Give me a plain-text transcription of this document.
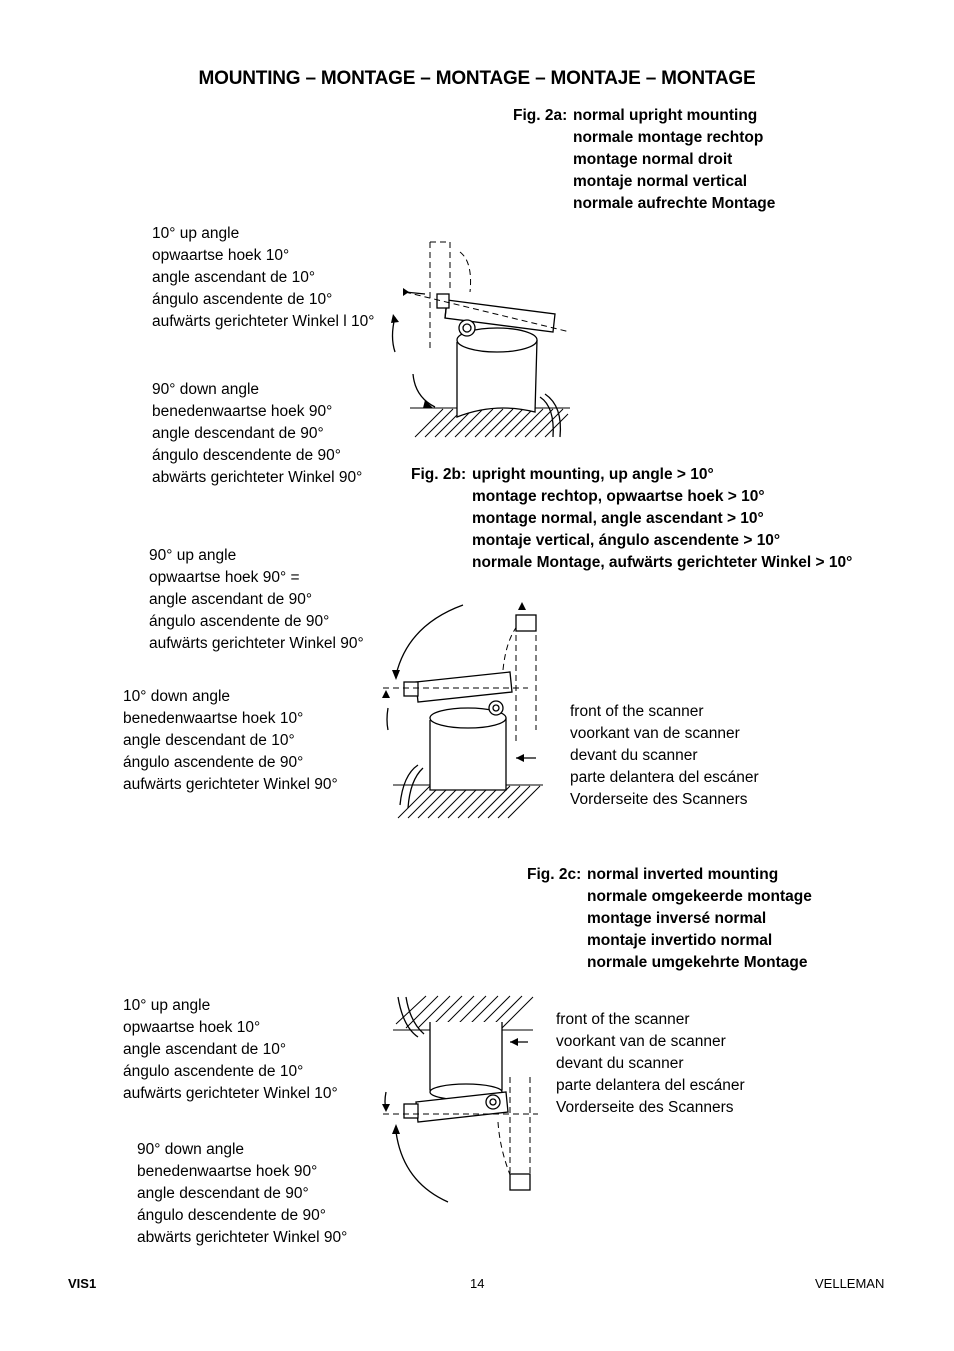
MOUNTING – MONTAGE – MONTAGE – MONTAJE – MONTAGE
Fig. 2a: normal upright mounting
normale montage rechtop
montage normal droit
montaje normal vertical
normale aufrechte Montage
10° up angle
opwaartse hoek 10°
angle ascendant de 10°
ángulo ascendente de 10°
aufwärts gerichteter Winkel l 10°
90° down angle
benedenwaartse hoek 90°
angle descendant de 90°
ángulo descendente de 90°
abwärts gerichteter Winkel 90°	Fig. 2b: upright mounting, up angle > 10°
montage rechtop, opwaartse hoek > 10°
montage normal, angle ascendant > 10°
montaje vertical, ángulo ascendente > 10°
normale Montage, aufwärts gerichteter Winkel > 10°
90° up angle
opwaartse hoek 90° =
angle ascendant de 90°
ángulo ascendente de 90°
aufwärts gerichteter Winkel 90°
10° down angle
benedenwaartse hoek 10°
angle descendant de 10°
ángulo ascendente de 90°
aufwärts gerichteter Winkel 90°
front of the scanner
voorkant van de scanner
devant du scanner
parte delantera del escáner
Vorderseite des Scanners
Fig. 2c: normal inverted mounting
normale omgekeerde montage
montage inversé normal
montaje invertido normal
normale umgekehrte Montage
10° up angle
opwaartse hoek 10°
angle ascendant de 10°
ángulo ascendente de 10°
aufwärts gerichteter Winkel 10°
90° down angle
benedenwaartse hoek 90°
angle descendant de 90°
ángulo descendente de 90°
abwärts gerichteter Winkel 90°
front of the scanner
voorkant van de scanner
devant du scanner
parte delantera del escáner
Vorderseite des Scanners
VIS1	14	VELLEMAN
